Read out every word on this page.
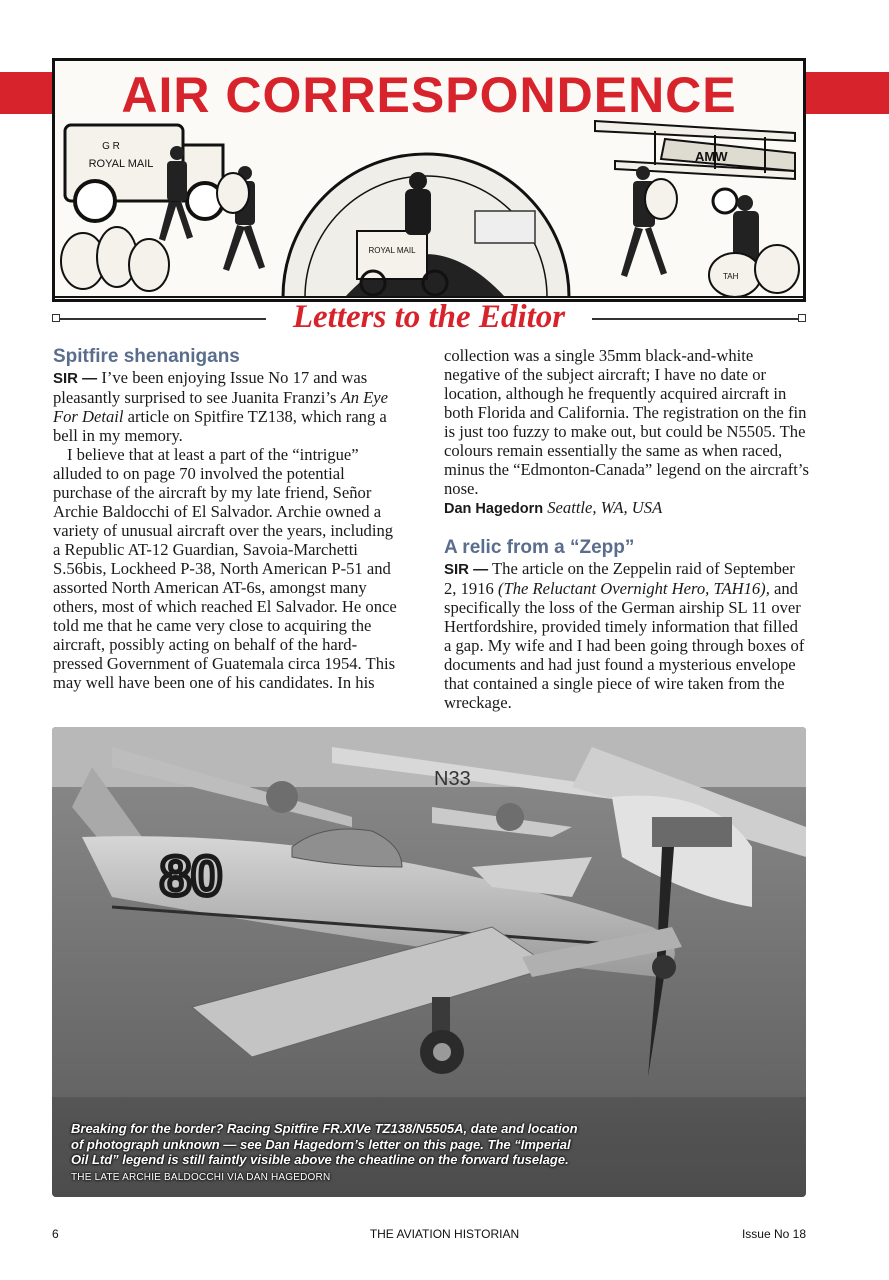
ROYAL MAIL
G R
ROYAL MAIL	AMW
TAH
AIR CORRESPONDENCE
Letters to the Editor
Spitfire shenanigans

SIR — I’ve been enjoying Issue No 17 and was pleasantly surprised to see Juanita Franzi’s An Eye For Detail article on Spitfire TZ138, which rang a bell in my memory.

I believe that at least a part of the “intrigue” alluded to on page 70 involved the potential purchase of the aircraft by my late friend, Señor Archie Baldocchi of El Salvador. Archie owned a variety of unusual aircraft over the years, including a Republic AT-12 Guardian, Savoia-Marchetti S.56bis, Lockheed P-38, North American P-51 and assorted North American AT-6s, amongst many others, most of which reached El Salvador. He once told me that he came very close to acquiring the aircraft, possibly acting on behalf of the hard-pressed Government of Guatemala circa 1954. This may well have been one of his candidates. In his

collection was a single 35mm black-and-white negative of the subject aircraft; I have no date or location, although he frequently acquired aircraft in both Florida and California. The registration on the fin is just too fuzzy to make out, but could be N5505. The colours remain essentially the same as when raced, minus the “Edmonton-Canada” legend on the aircraft’s nose.

Dan Hagedorn Seattle, WA, USA

A relic from a “Zepp”

SIR — The article on the Zeppelin raid of September 2, 1916 (The Reluctant Overnight Hero, TAH16), and specifically the loss of the German airship SL 11 over Hertfordshire, provided timely information that filled a gap. My wife and I had been going through boxes of documents and had just found a mysterious envelope that contained a single piece of wire taken from the wreckage.

N33
80
Breaking for the border? Racing Spitfire FR.XIVe TZ138/N5505A, date and location of photograph unknown — see Dan Hagedorn’s letter on this page. The “Imperial Oil Ltd” legend is still faintly visible above the cheatline on the forward fuselage. THE LATE ARCHIE BALDOCCHI VIA DAN HAGEDORN
6	THE AVIATION HISTORIAN	Issue No 18
